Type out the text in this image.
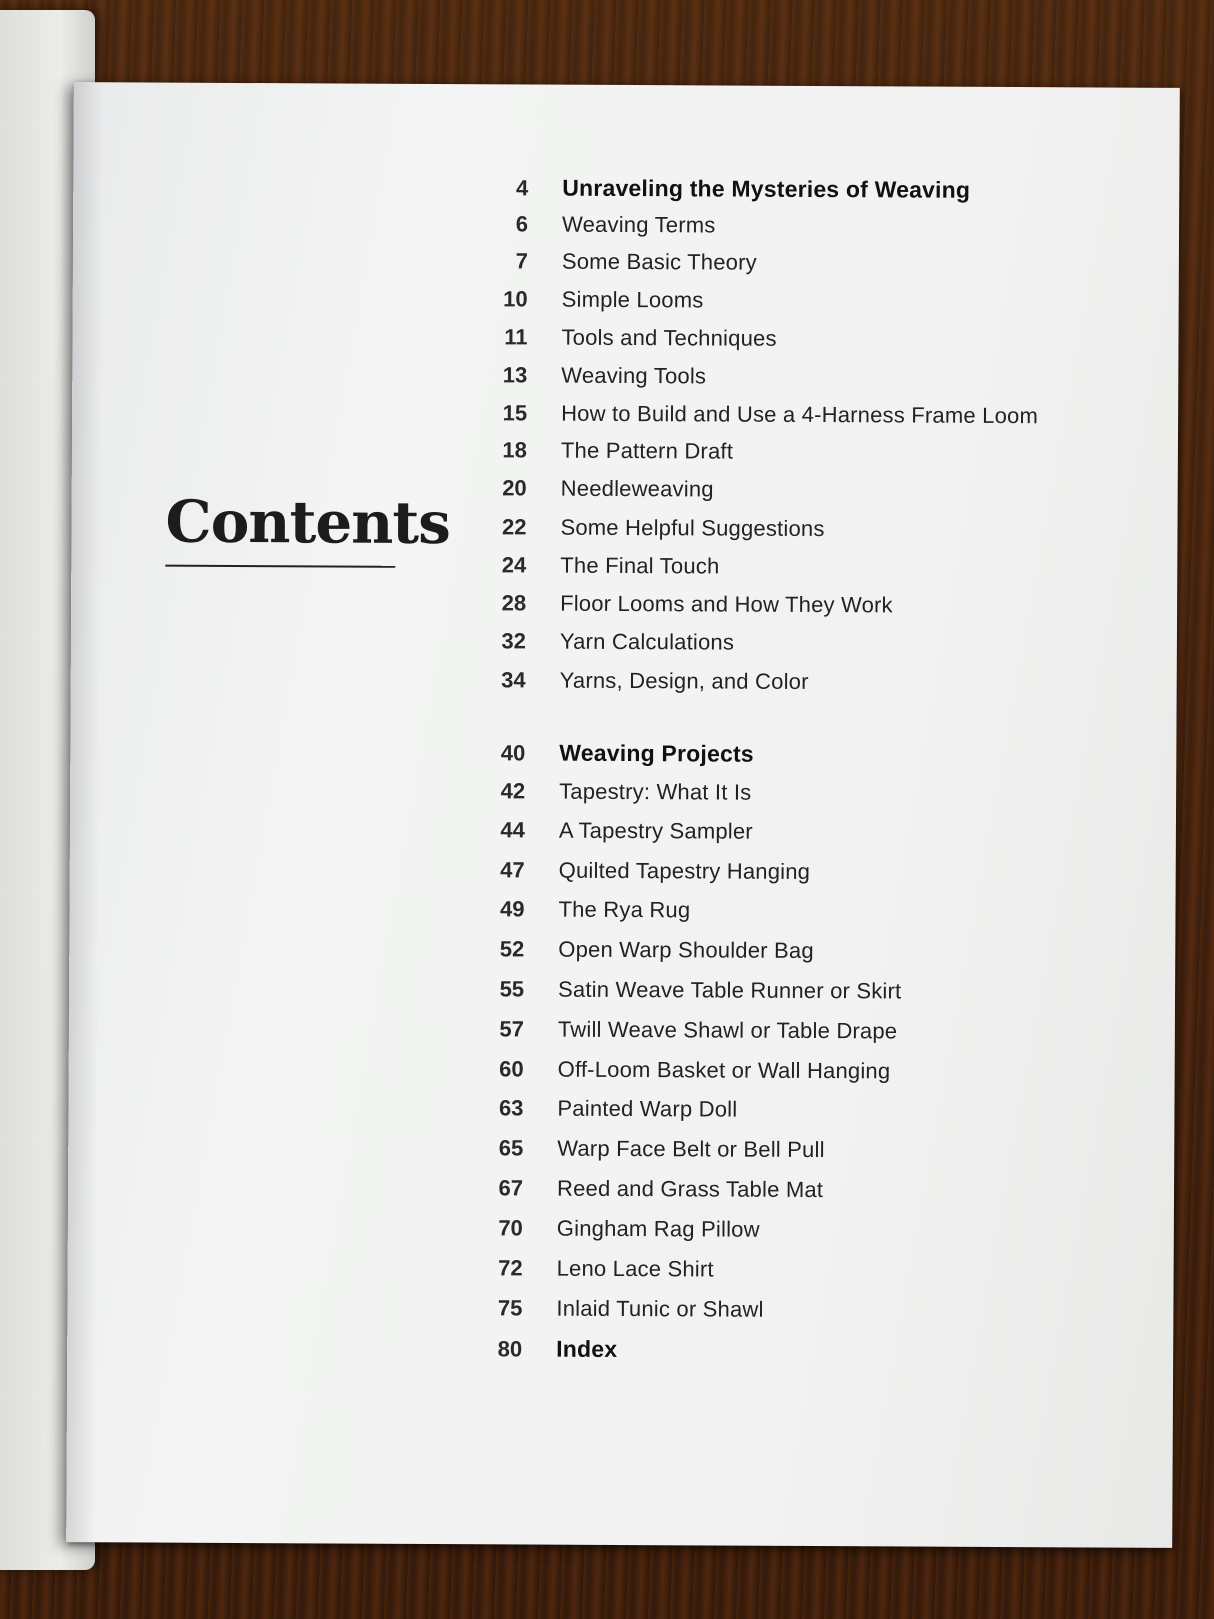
Contents
4 Unraveling the Mysteries of Weaving
6 Weaving Terms
7 Some Basic Theory
10 Simple Looms
11 Tools and Techniques
13 Weaving Tools
15 How to Build and Use a 4-Harness Frame Loom
18 The Pattern Draft
20 Needleweaving
22 Some Helpful Suggestions
24 The Final Touch
28 Floor Looms and How They Work
32 Yarn Calculations
34 Yarns, Design, and Color
40 Weaving Projects
42 Tapestry: What It Is
44 A Tapestry Sampler
47 Quilted Tapestry Hanging
49 The Rya Rug
52 Open Warp Shoulder Bag
55 Satin Weave Table Runner or Skirt
57 Twill Weave Shawl or Table Drape
60 Off-Loom Basket or Wall Hanging
63 Painted Warp Doll
65 Warp Face Belt or Bell Pull
67 Reed and Grass Table Mat
70 Gingham Rag Pillow
72 Leno Lace Shirt
75 Inlaid Tunic or Shawl
80 Index
